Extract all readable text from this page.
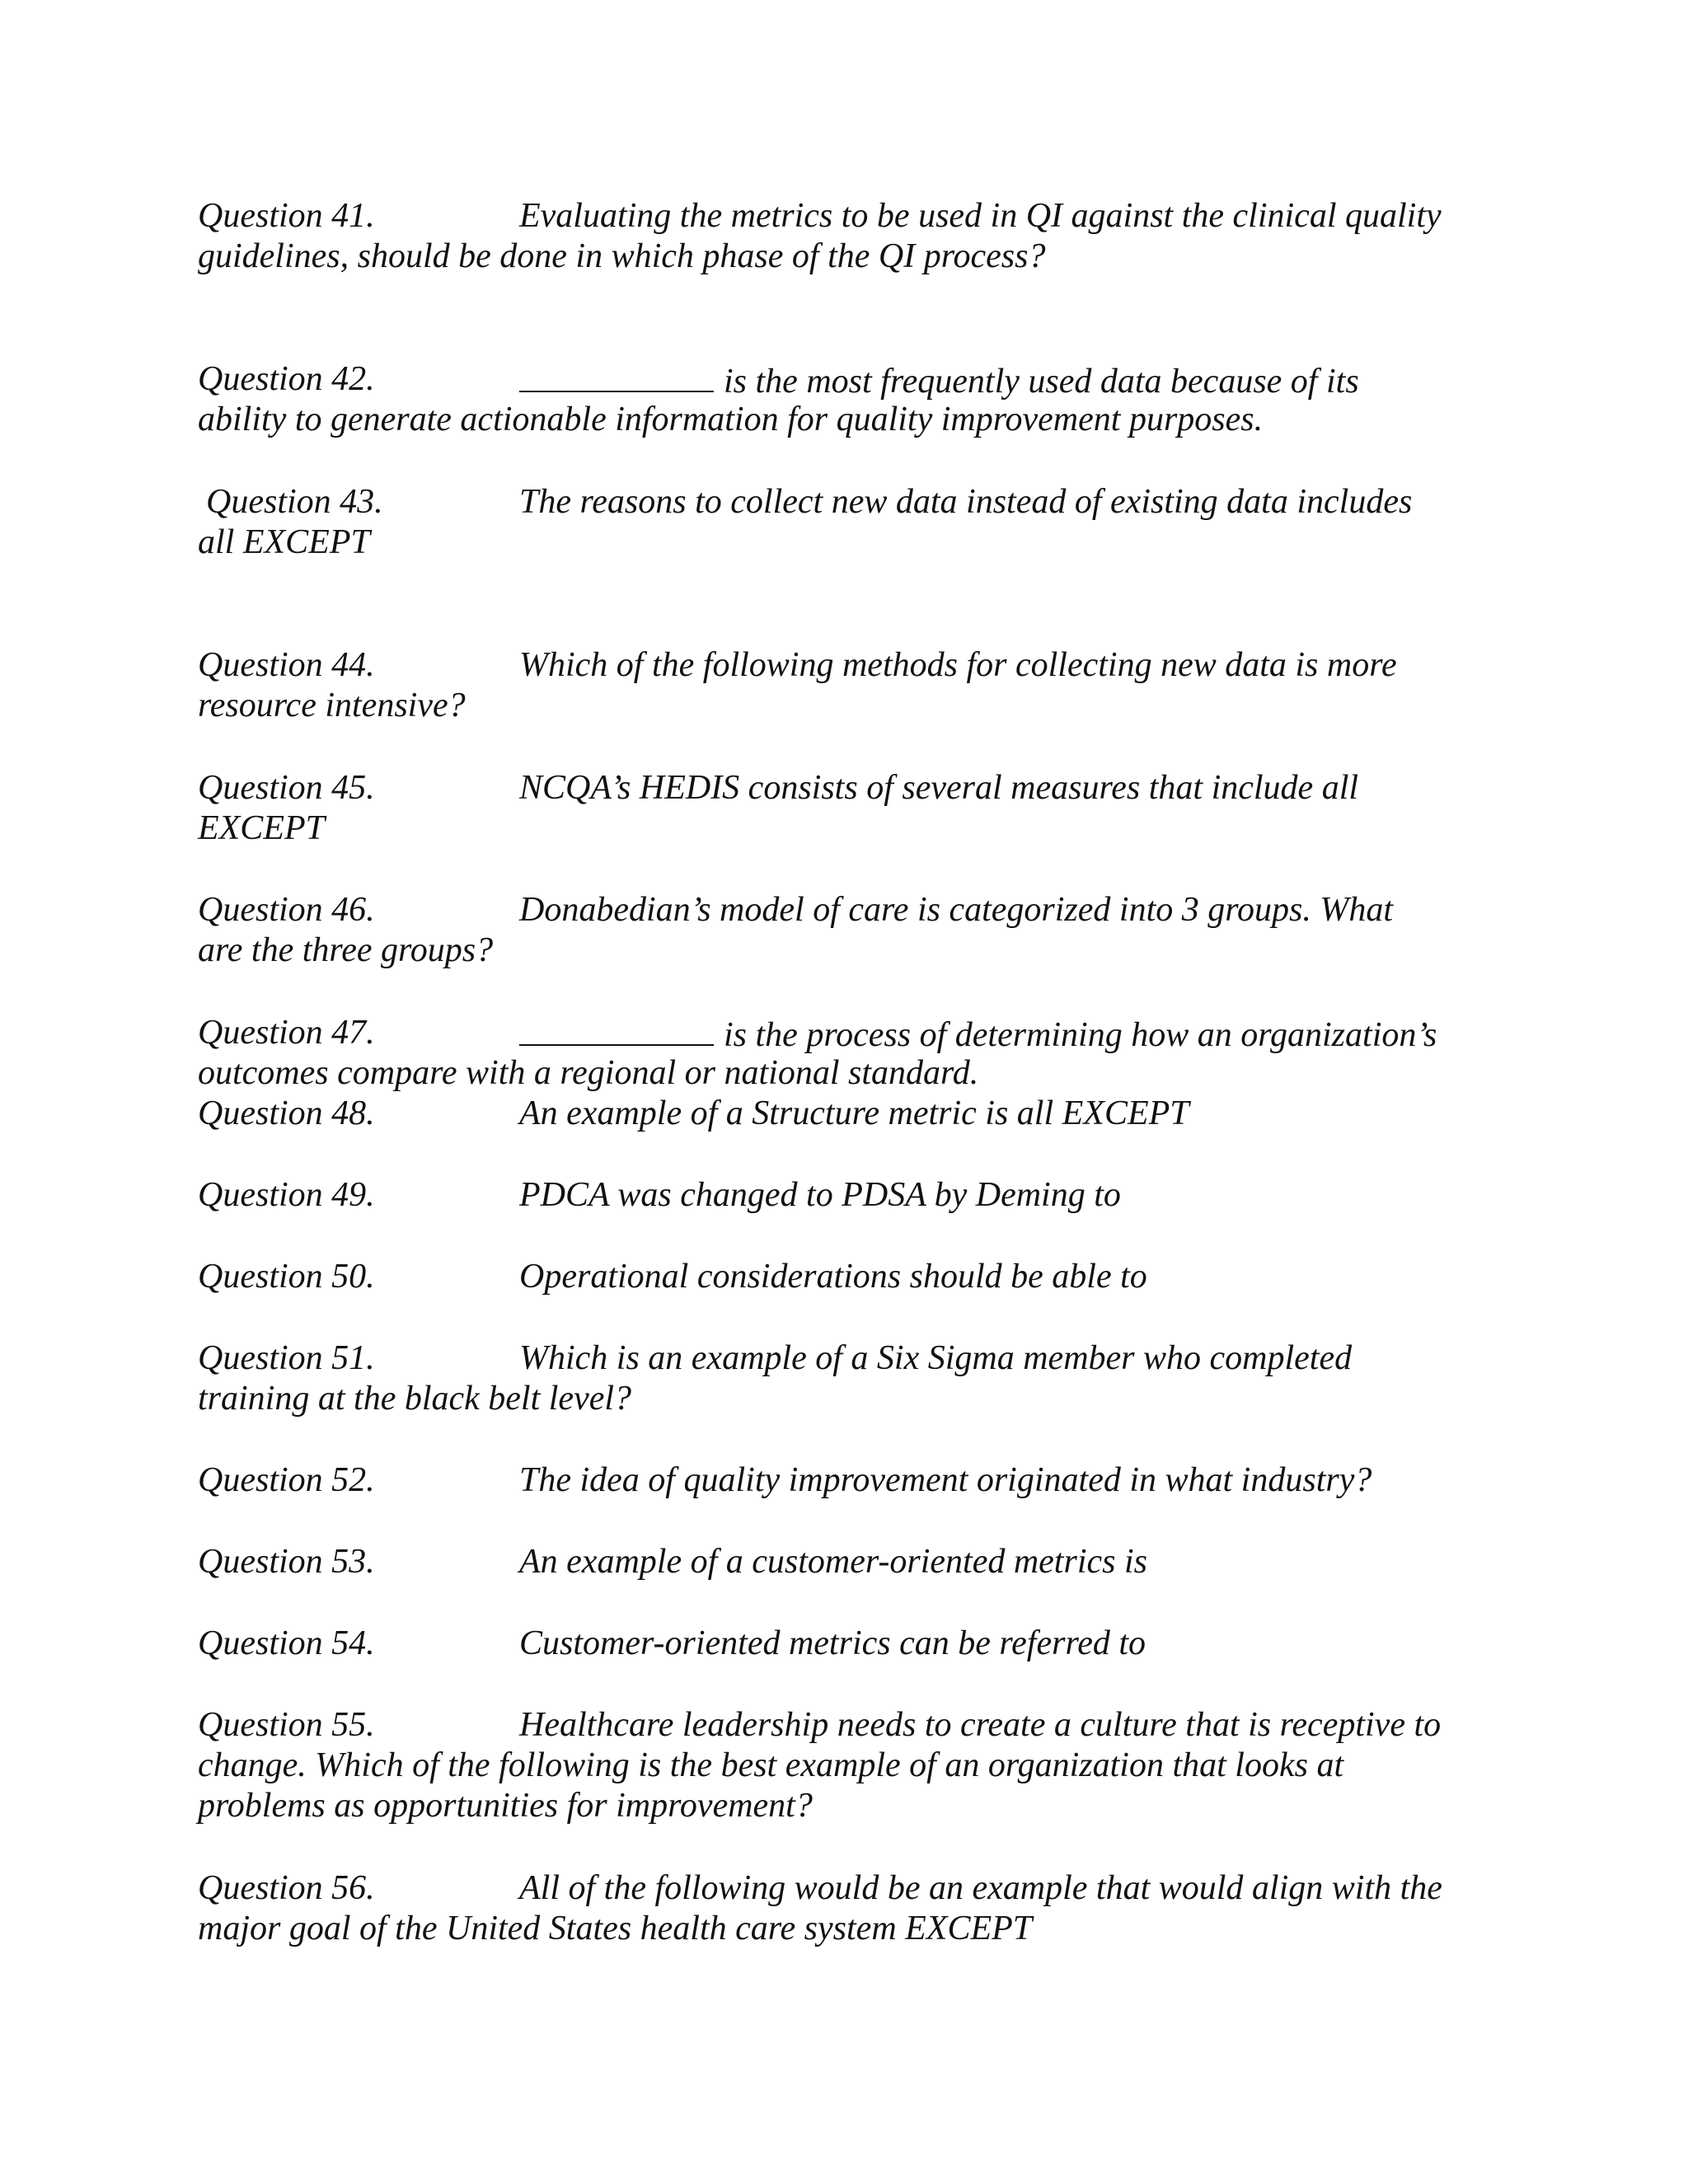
Question 41.	Evaluating the metrics to be used in QI against the clinical quality
guidelines, should be done in which phase of the QI process?
Question 42.	is the most frequently used data because of its
ability to generate actionable information for quality improvement purposes.
Question 43.	The reasons to collect new data instead of existing data includes
all EXCEPT
Question 44.	Which of the following methods for collecting new data is more
resource intensive?
Question 45.	NCQA’s HEDIS consists of several measures that include all
EXCEPT
Question 46.	Donabedian’s model of care is categorized into 3 groups. What
are the three groups?
Question 47.	is the process of determining how an organization’s
outcomes compare with a regional or national standard.
Question 48.	An example of a Structure metric is all EXCEPT
Question 49.	PDCA was changed to PDSA by Deming to
Question 50.	Operational considerations should be able to
Question 51.	Which is an example of a Six Sigma member who completed
training at the black belt level?
Question 52.	The idea of quality improvement originated in what industry?
Question 53.	An example of a customer-oriented metrics is
Question 54.	Customer-oriented metrics can be referred to
Question 55.	Healthcare leadership needs to create a culture that is receptive to
change. Which of the following is the best example of an organization that looks at
problems as opportunities for improvement?
Question 56.	All of the following would be an example that would align with the
major goal of the United States health care system EXCEPT
